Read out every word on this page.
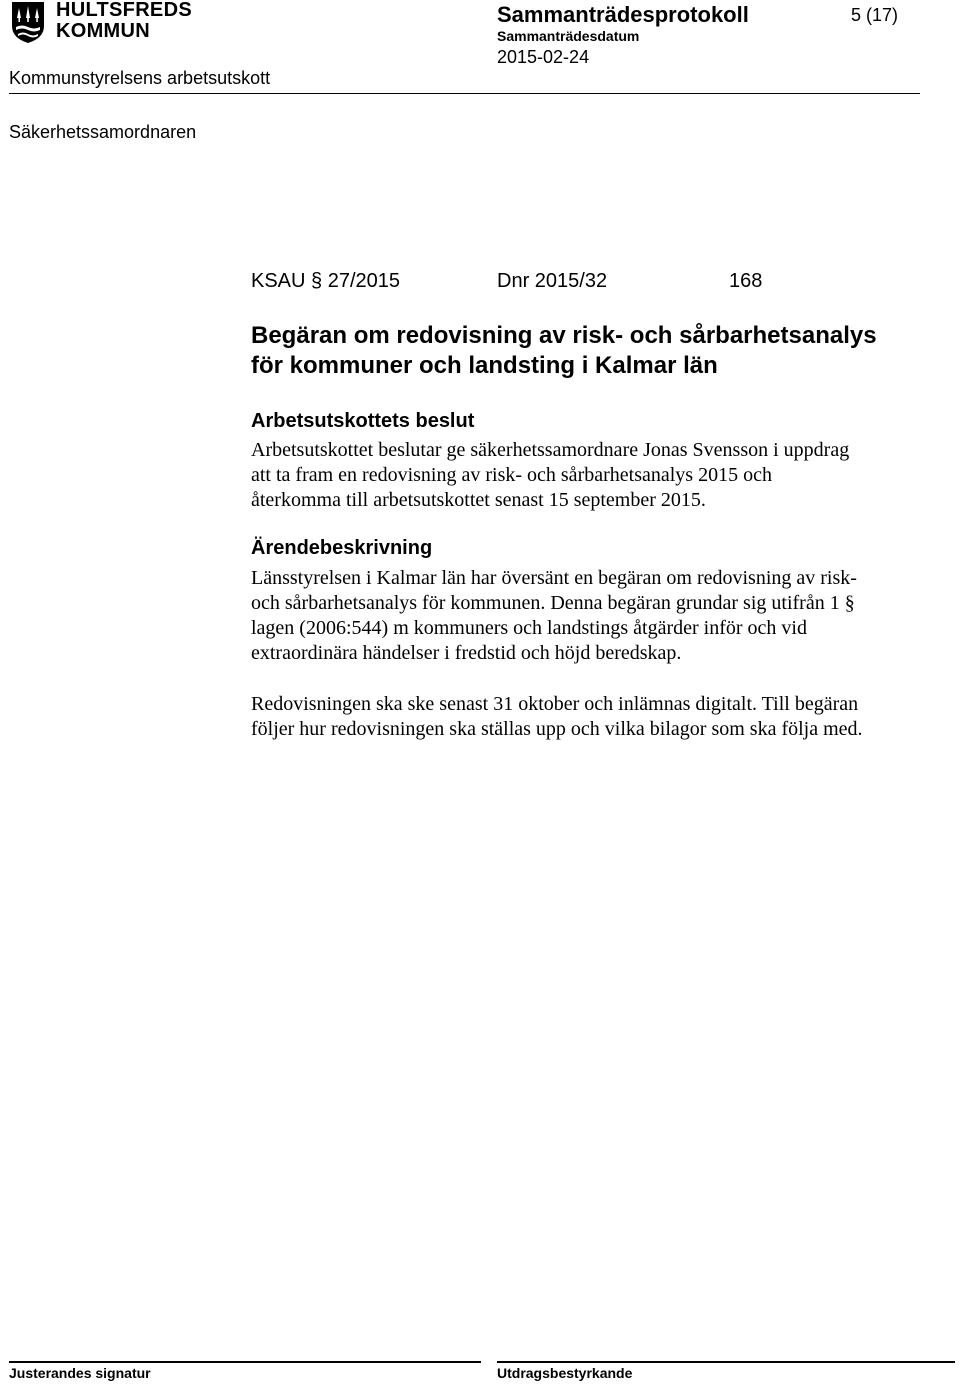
HULTSFREDS
KOMMUN
Sammanträdesprotokoll
Sammanträdesdatum
2015-02-24
5 (17)
Kommunstyrelsens arbetsutskott
Säkerhetssamordnaren
KSAU § 27/2015	Dnr 2015/32	168
Begäran om redovisning av risk- och sårbarhetsanalys
för kommuner och landsting i Kalmar län
Arbetsutskottets beslut
Arbetsutskottet beslutar ge säkerhetssamordnare Jonas Svensson i uppdrag
att ta fram en redovisning av risk- och sårbarhetsanalys 2015 och
återkomma till arbetsutskottet senast 15 september 2015.
Ärendebeskrivning
Länsstyrelsen i Kalmar län har översänt en begäran om redovisning av risk-
och sårbarhetsanalys för kommunen. Denna begäran grundar sig utifrån 1 §
lagen (2006:544) m kommuners och landstings åtgärder inför och vid
extraordinära händelser i fredstid och höjd beredskap.
Redovisningen ska ske senast 31 oktober och inlämnas digitalt. Till begäran
följer hur redovisningen ska ställas upp och vilka bilagor som ska följa med.
Justerandes signatur	Utdragsbestyrkande
